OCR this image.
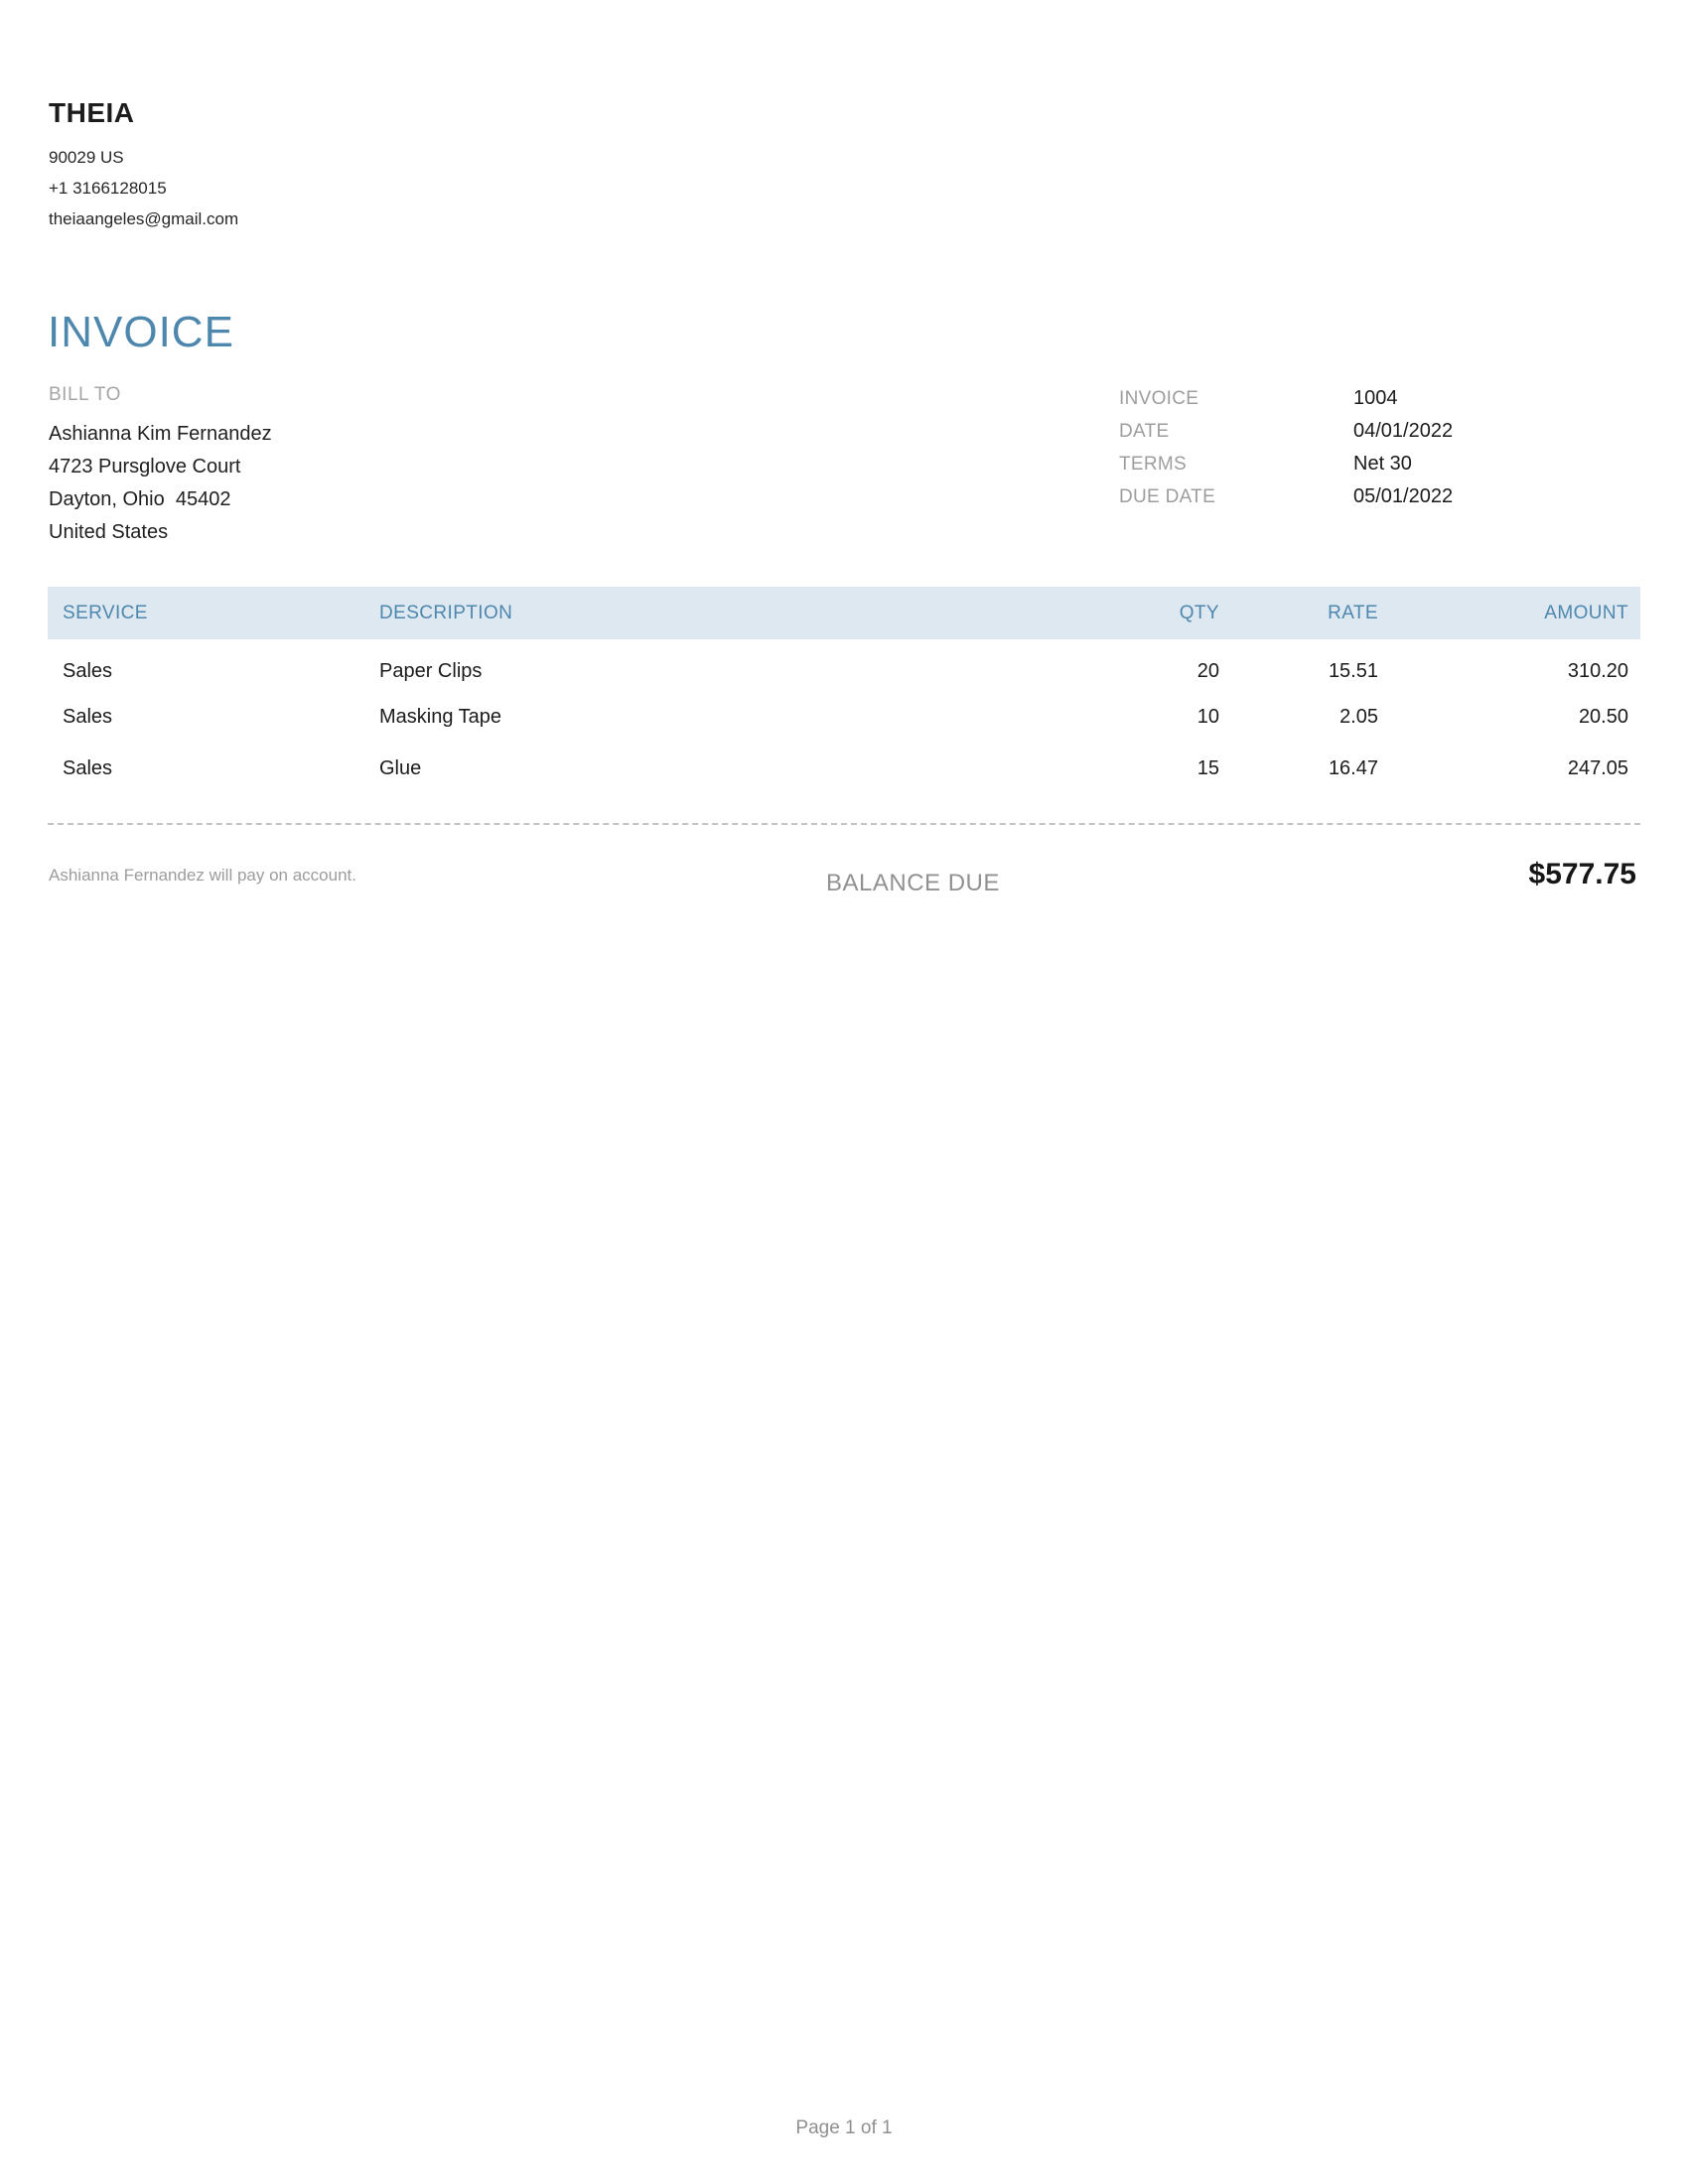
THEIA
90029 US
+1 3166128015
theiaangeles@gmail.com
INVOICE
BILL TO
Ashianna Kim Fernandez
4723 Pursglove Court
Dayton, Ohio  45402
United States
INVOICE	1004
DATE	04/01/2022
TERMS	Net 30
DUE DATE	05/01/2022
SERVICE	DESCRIPTION	QTY	RATE	AMOUNT
Sales	Paper Clips	20	15.51	310.20
Sales	Masking Tape	10	2.05	20.50
Sales	Glue	15	16.47	247.05
Ashianna Fernandez will pay on account.	BALANCE DUE	$577.75
Page 1 of 1
